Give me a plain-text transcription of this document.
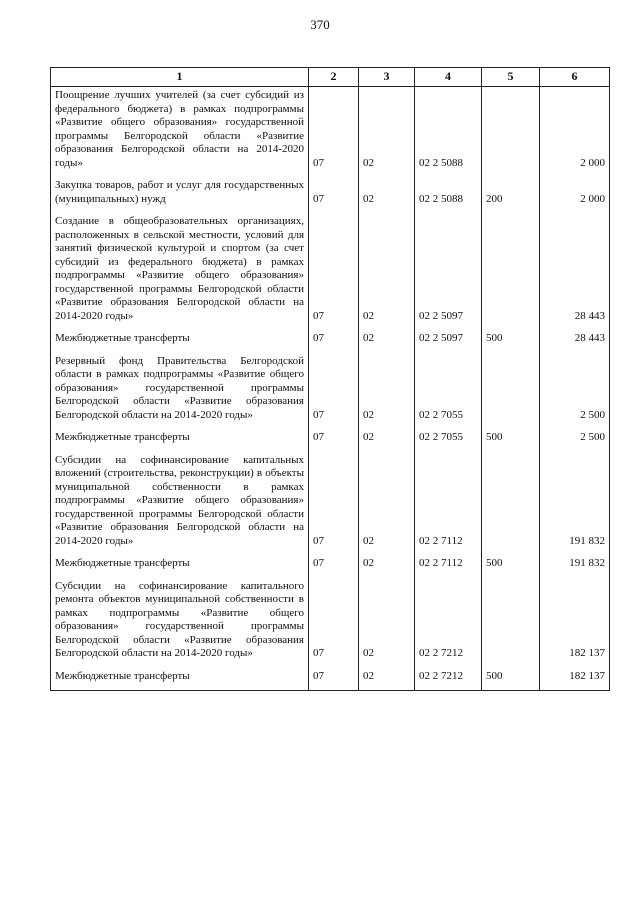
370
1	2	3	4	5	6
Поощрение лучших учителей (за счет субсидий из федерального бюджета) в рамках подпрограммы «Развитие общего образования» государственной программы Белгородской области «Развитие образования Белгородской области на 2014-2020 годы»	07	02	02 2 5088		2 000
Закупка товаров, работ и услуг для государственных (муниципальных) нужд	07	02	02 2 5088	200	2 000
Создание в общеобразовательных организациях, расположенных в сельской местности, условий для занятий физической культурой и спортом (за счет субсидий из федерального бюджета) в рамках подпрограммы «Развитие общего образования» государственной программы Белгородской области «Развитие образования Белгородской области на 2014-2020 годы»	07	02	02 2 5097		28 443
Межбюджетные трансферты	07	02	02 2 5097	500	28 443
Резервный фонд Правительства Белгородской области в рамках подпрограммы «Развитие общего образования» государственной программы Белгородской области «Развитие образования Белгородской области на 2014-2020 годы»	07	02	02 2 7055		2 500
Межбюджетные трансферты	07	02	02 2 7055	500	2 500
Субсидии на софинансирование капитальных вложений (строительства, реконструкции) в объекты муниципальной собственности в рамках подпрограммы «Развитие общего образования» государственной программы Белгородской области «Развитие образования Белгородской области на 2014-2020 годы»	07	02	02 2 7112		191 832
Межбюджетные трансферты	07	02	02 2 7112	500	191 832
Субсидии на софинансирование капитального ремонта объектов муниципальной собственности в рамках подпрограммы «Развитие общего образования» государственной программы Белгородской области «Развитие образования Белгородской области на 2014-2020 годы»	07	02	02 2 7212		182 137
Межбюджетные трансферты	07	02	02 2 7212	500	182 137
